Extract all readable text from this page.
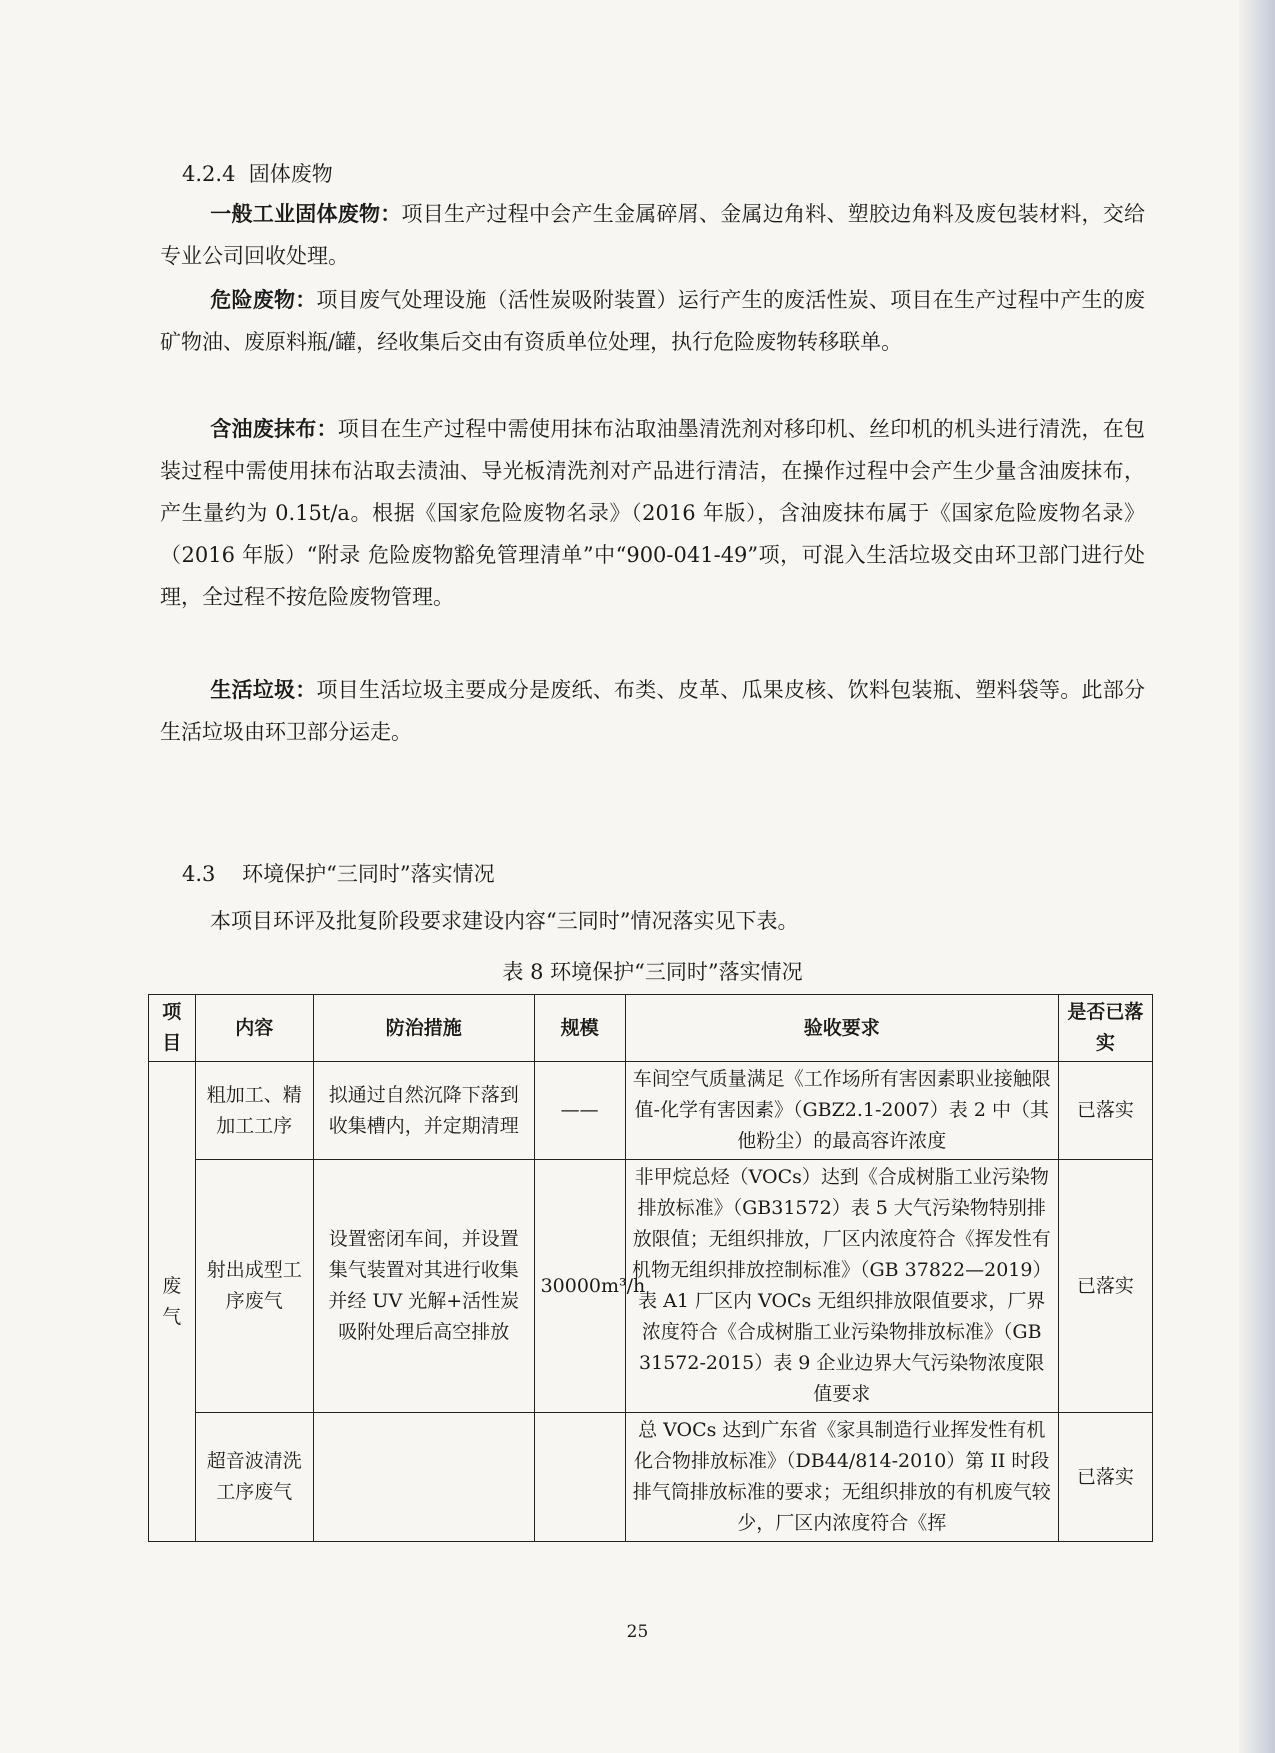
4.2.4 固体废物
一般工业固体废物：项目生产过程中会产生金属碎屑、金属边角料、塑胶边角料及废包装材料，交给专业公司回收处理。
危险废物：项目废气处理设施（活性炭吸附装置）运行产生的废活性炭、项目在生产过程中产生的废矿物油、废原料瓶/罐，经收集后交由有资质单位处理，执行危险废物转移联单。
含油废抹布：项目在生产过程中需使用抹布沾取油墨清洗剂对移印机、丝印机的机头进行清洗，在包装过程中需使用抹布沾取去渍油、导光板清洗剂对产品进行清洁，在操作过程中会产生少量含油废抹布，产生量约为 0.15t/a。根据《国家危险废物名录》（2016 年版），含油废抹布属于《国家危险废物名录》（2016 年版）“附录 危险废物豁免管理清单”中“900-041-49”项，可混入生活垃圾交由环卫部门进行处理，全过程不按危险废物管理。
生活垃圾：项目生活垃圾主要成分是废纸、布类、皮革、瓜果皮核、饮料包装瓶、塑料袋等。此部分生活垃圾由环卫部分运走。
4.3 环境保护“三同时”落实情况
本项目环评及批复阶段要求建设内容“三同时”情况落实见下表。
表 8 环境保护“三同时”落实情况
项目	内容	防治措施	规模	验收要求	是否已落实
废气	粗加工、精加工工序	拟通过自然沉降下落到收集槽内，并定期清理	——	车间空气质量满足《工作场所有害因素职业接触限值-化学有害因素》（GBZ2.1-2007）表 2 中（其他粉尘）的最高容许浓度	已落实
	射出成型工序废气	设置密闭车间，并设置集气装置对其进行收集并经 UV 光解+活性炭吸附处理后高空排放	30000m³/h	非甲烷总烃（VOCs）达到《合成树脂工业污染物排放标准》（GB31572）表 5 大气污染物特别排放限值；无组织排放，厂区内浓度符合《挥发性有机物无组织排放控制标准》（GB 37822—2019）表 A1 厂区内 VOCs 无组织排放限值要求，厂界浓度符合《合成树脂工业污染物排放标准》（GB 31572-2015）表 9 企业边界大气污染物浓度限值要求	已落实
	超音波清洗工序废气			总 VOCs 达到广东省《家具制造行业挥发性有机化合物排放标准》（DB44/814-2010）第 II 时段排气筒排放标准的要求；无组织排放的有机废气较少，厂区内浓度符合《挥	已落实
25
